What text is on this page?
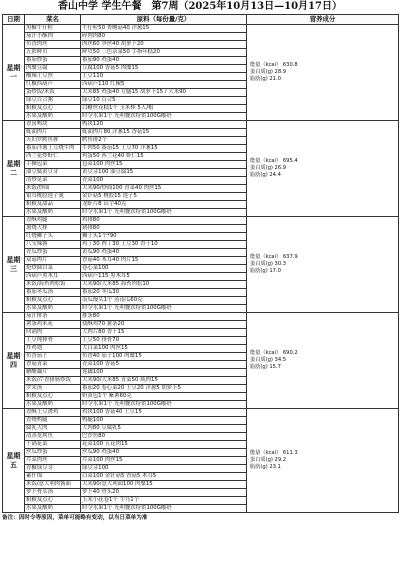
香山中学 学生午餐　第7周（2025年10月13日—10月17日）
日期	菜名	原料（每份量/克）	营养成分
星期一	黑椒牛仔粒	牛仔粒50 杏鲍菇40 洋葱15	能量（kcal） 630.8
蛋白质(g) 28.9
脂肪(g) 21.0

	茄汁小酥肉	碎肉肉80	
	鱼香肉丝	肉丝60 笋丝40 胡萝卜20	
	五彩鲜贝	鲜贝50 三色杂菜50 手指年糕20	
	番茄炒蛋	番茄90 鸡蛋40	
	肉糜豆腐	豆腐100 香菇5 肉糜15	
	酸辣土豆丝	土豆110	
	红椒西葫芦	西葫芦110 红椒5	
	蛋炒饭/米饭	大米85 鸡蛋40 方腿15 胡萝卜15 / 大米90	
	绿豆百合粥	绿豆10 百合5	
	粗粮及点心	白糖丝花糕1个 玉米棒 5人/根	
	水果及酸奶	时令水果1个 光明餐饮特供100G酸奶	
星期二	香卤鸭块	鸭块120	能量（kcal） 695.4
蛋白质(g) 26.9
脂肪(g) 24.4

	蚝油肉片	蚝油肉片80 洋葱15 香菇15	
	天妇罗鳕鱼排	鳕鱼排2个	
	番茄洋葱土豆烧牛肉	牛肉50 番茄15 土豆70 洋葱15	
	西兰花炒虾仁	鸡蛋50 西兰花40 虾仁15	
	手撕包菜	包菜100 肉丝15	
	油豆腐黄豆芽	黄豆芽100 油豆腐15	
	清炒苋菜	青菜100	
	米饭/炒面	大米90/炒面100 青菜40 肉丝15	
	银耳桃胶莲子羹	金针菇5 桃胶15 莲子5	
	粗粮及甜品	龙虾片8 山芋40克	
	水果及酸奶	时令水果1个 光明餐饮特供100G酸奶	
星期三	香酥鸡腿	鸡排80	能量（kcal） 637.9
蛋白质(g) 30.3
脂肪(g) 17.0

	葱烧大排	猪排80	
	红烧狮子头	狮子头1个*90	
	八宝辣酱	鸡丁30 肉丁30 土豆30 香干10	
	青瓜炒蛋	黄瓜90 鸡蛋40	
	双菇肉片	香菇40 木耳40 肉片15	
	炝炒圆白菜	卷心菜100	
	西葫芦黑木耳	西葫芦115 黑木耳5	
	米饭/海苔肉松饭	大米90/大米85 海苔肉松10	
	番茄冬瓜汤	番茄20 冬瓜30	
	粗粮及点心	南瓜馒头1个 蒸南瓜60克	
	水果及酸奶	时令水果1个 光明餐饮特供100G酸奶	
星期四	茄汁排条	排条80	能量（kcal） 690.2
蛋白质(g) 34.5
脂肪(g) 15.7

	薯条鸡米花	盐酥鸡70 薯条20	
	回锅肉	大肉片80 香干15	
	土豆炖排骨	土豆50 排骨70	
	炸鸡翅	大白菜100 肉丝15	
	鱼香茄子	鱼香40 茄子100 肉糜15	
	香菇青菜	青菜100 香菇5	
	糖醋藕片	莲藕100	
	米饭/芹香猪肠炒饭	大米90/大米85 青菜50 咸肉15	
	罗宋汤	番茄20 卷心菜20 土豆20 洋葱5 胡萝卜5	
	粗粮及点心	奶黄包1个 紫薯60克	
	水果及酸奶	时令水果1个 光明餐饮特供100G酸奶	
星期五	香酥土豆滑鸡	鸡块100 香菇40 土豆15	能量（kcal） 611.3
蛋白质(g) 29.2
脂肪(g) 23.1

	香烧鸭腿	鸭腿100	
	腐乳大肉	大肉80 豆腐乳5	
	清蒸龙利鱼	巴沙鱼80	
	干锅花菜	花菜100 五花肉15	
	丝瓜炒蛋	丝瓜90 鸡蛋40	
	芹菜肉丝	芹菜100 肉丝15	
	青椒绿豆芽	绿豆芽100	
	素什锦	白菜100 金针菇5 香菇5 木耳5	
	米饭/意大利肉酱面	大米90/意大利面100 肉糜15	
	萝卜骨头汤	萝卜40 骨头20	
	粗粮及点心	玉米小花卷1个 芋艿1个	
	水果及酸奶	时令水果1个 光明餐饮特供100G酸奶	
备注：因时令等原因，菜单可能略有变动，以当日菜单为准
